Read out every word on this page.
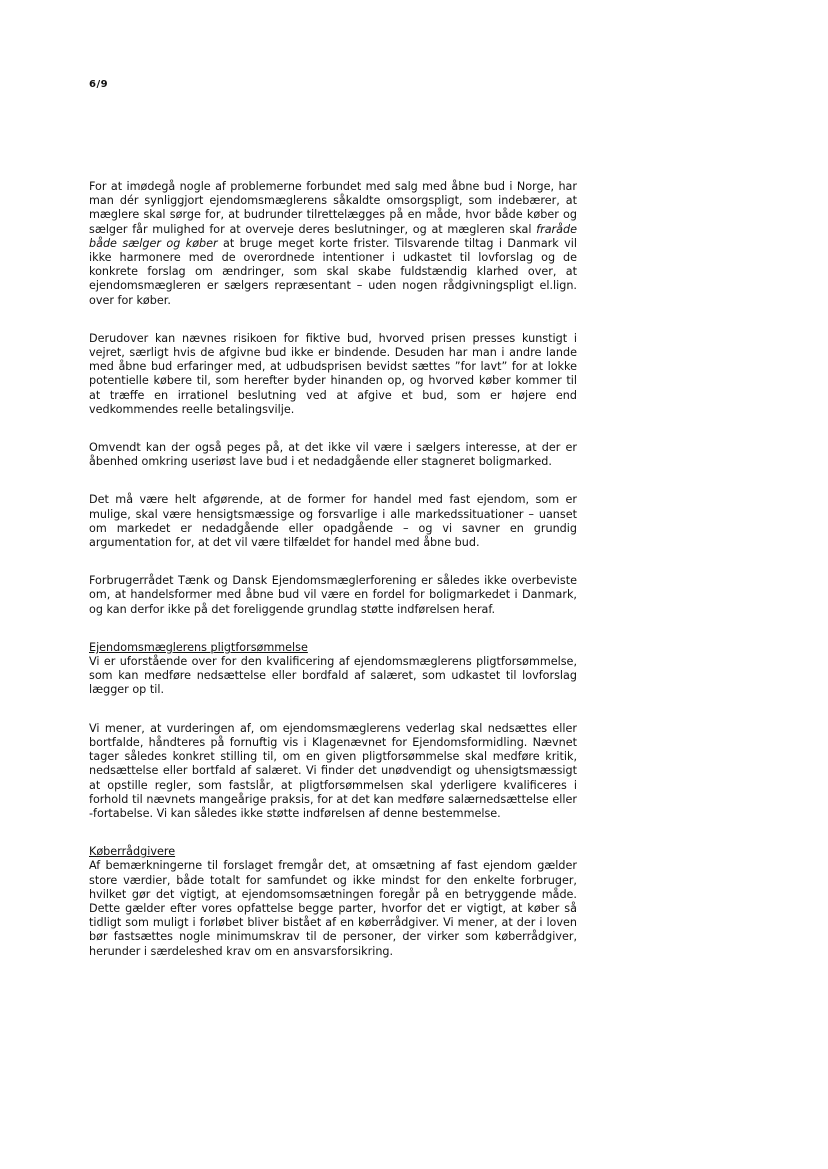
6/9

For at imødegå nogle af problemerne forbundet med salg med åbne bud i Norge, har man dér synliggjort ejendomsmæglerens såkaldte omsorgspligt, som indebærer, at mæglere skal sørge for, at budrunder tilrettelægges på en måde, hvor både køber og sælger får mulighed for at overveje deres beslutninger, og at mægleren skal fraråde både sælger og køber at bruge meget korte frister. Tilsvarende tiltag i Danmark vil ikke harmonere med de overordnede intentioner i udkastet til lovforslag og de konkrete forslag om ændringer, som skal skabe fuldstændig klarhed over, at ejendomsmægleren er sælgers repræsentant – uden nogen rådgivningspligt el.lign. over for køber.

Derudover kan nævnes risikoen for fiktive bud, hvorved prisen presses kunstigt i vejret, særligt hvis de afgivne bud ikke er bindende. Desuden har man i andre lande med åbne bud erfaringer med, at udbudsprisen bevidst sættes ”for lavt” for at lokke potentielle købere til, som herefter byder hinanden op, og hvorved køber kommer til at træffe en irrationel beslutning ved at afgive et bud, som er højere end vedkommendes reelle betalingsvilje.

Omvendt kan der også peges på, at det ikke vil være i sælgers interesse, at der er åbenhed omkring useriøst lave bud i et nedadgående eller stagneret boligmarked.

Det må være helt afgørende, at de former for handel med fast ejendom, som er mulige, skal være hensigtsmæssige og forsvarlige i alle markedssituationer – uanset om markedet er nedadgående eller opadgående – og vi savner en grundig argumentation for, at det vil være tilfældet for handel med åbne bud.

Forbrugerrådet Tænk og Dansk Ejendomsmæglerforening er således ikke overbeviste om, at handelsformer med åbne bud vil være en fordel for boligmarkedet i Danmark, og kan derfor ikke på det foreliggende grundlag støtte indførelsen heraf.

Ejendomsmæglerens pligtforsømmelse

Vi er uforstående over for den kvalificering af ejendomsmæglerens pligtforsømmelse, som kan medføre nedsættelse eller bordfald af salæret, som udkastet til lovforslag lægger op til.

Vi mener, at vurderingen af, om ejendomsmæglerens vederlag skal nedsættes eller bortfalde, håndteres på fornuftig vis i Klagenævnet for Ejendomsformidling. Nævnet tager således konkret stilling til, om en given pligtforsømmelse skal medføre kritik, nedsættelse eller bortfald af salæret. Vi finder det unødvendigt og uhensigtsmæssigt at opstille regler, som fastslår, at pligtforsømmelsen skal yderligere kvalificeres i forhold til nævnets mangeårige praksis, for at det kan medføre salærnedsættelse eller -fortabelse. Vi kan således ikke støtte indførelsen af denne bestemmelse.

Køberrådgivere

Af bemærkningerne til forslaget fremgår det, at omsætning af fast ejendom gælder store værdier, både totalt for samfundet og ikke mindst for den enkelte forbruger, hvilket gør det vigtigt, at ejendomsomsætningen foregår på en betryggende måde. Dette gælder efter vores opfattelse begge parter, hvorfor det er vigtigt, at køber så tidligt som muligt i forløbet bliver bistået af en køberrådgiver. Vi mener, at der i loven bør fastsættes nogle minimumskrav til de personer, der virker som køberrådgiver, herunder i særdeleshed krav om en ansvarsforsikring.
